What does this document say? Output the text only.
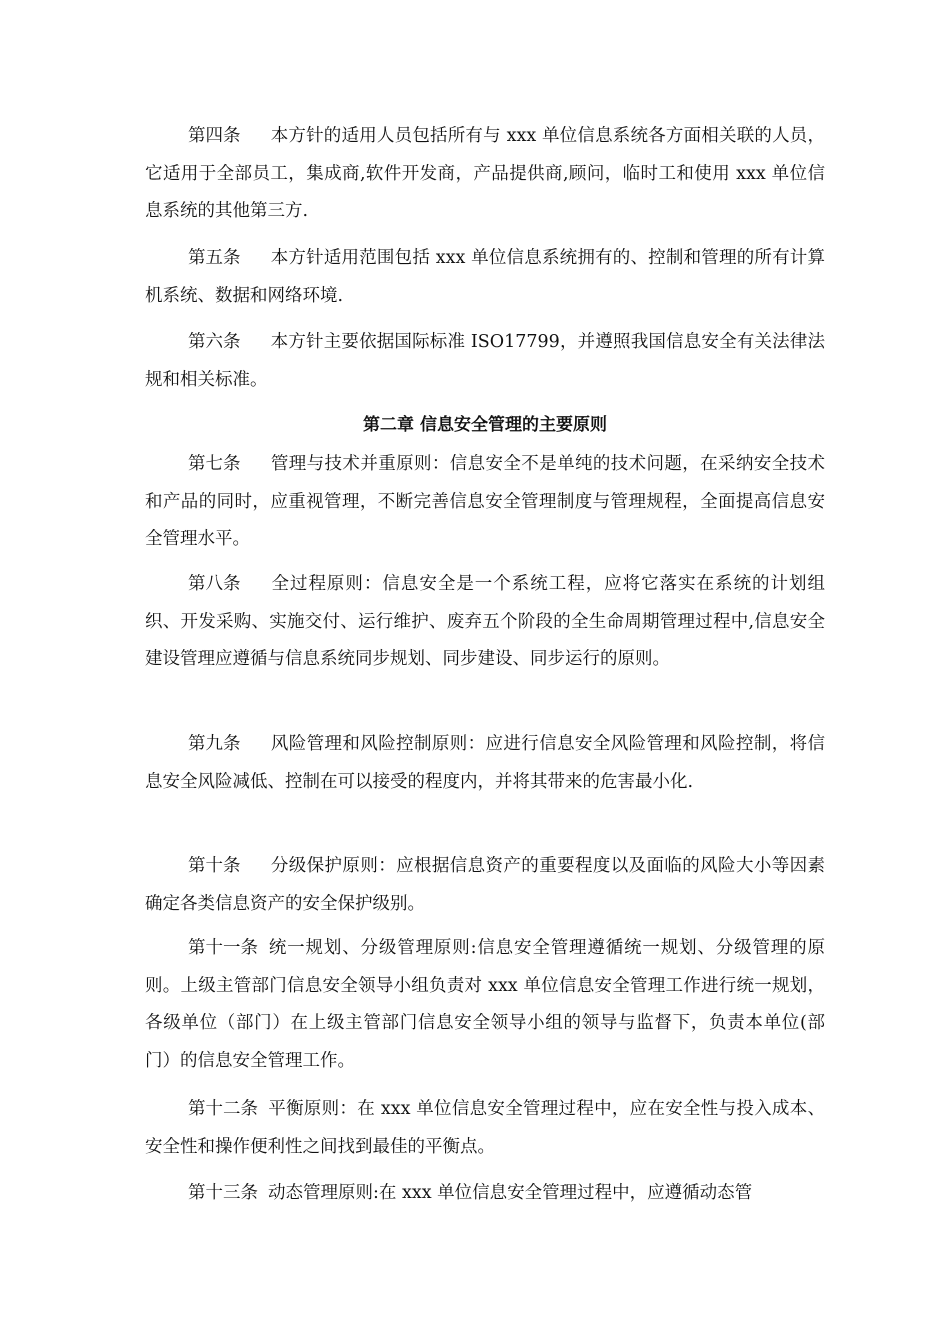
第四条 本方针的适用人员包括所有与 xxx 单位信息系统各方面相关联的人员，它适用于全部员工，集成商,软件开发商，产品提供商,顾问，临时工和使用 xxx 单位信息系统的其他第三方.

第五条 本方针适用范围包括 xxx 单位信息系统拥有的、控制和管理的所有计算机系统、数据和网络环境.

第六条 本方针主要依据国际标准 ISO17799，并遵照我国信息安全有关法律法规和相关标准。

第二章 信息安全管理的主要原则

第七条 管理与技术并重原则：信息安全不是单纯的技术问题，在采纳安全技术和产品的同时，应重视管理，不断完善信息安全管理制度与管理规程，全面提高信息安全管理水平。

第八条 全过程原则：信息安全是一个系统工程，应将它落实在系统的计划组织、开发采购、实施交付、运行维护、废弃五个阶段的全生命周期管理过程中,信息安全建设管理应遵循与信息系统同步规划、同步建设、同步运行的原则。

第九条 风险管理和风险控制原则：应进行信息安全风险管理和风险控制，将信息安全风险减低、控制在可以接受的程度内，并将其带来的危害最小化.

第十条 分级保护原则：应根据信息资产的重要程度以及面临的风险大小等因素确定各类信息资产的安全保护级别。

第十一条 统一规划、分级管理原则:信息安全管理遵循统一规划、分级管理的原则。上级主管部门信息安全领导小组负责对 xxx 单位信息安全管理工作进行统一规划，各级单位（部门）在上级主管部门信息安全领导小组的领导与监督下，负责本单位(部门）的信息安全管理工作。

第十二条 平衡原则：在 xxx 单位信息安全管理过程中，应在安全性与投入成本、安全性和操作便利性之间找到最佳的平衡点。

第十三条 动态管理原则:在 xxx 单位信息安全管理过程中，应遵循动态管
